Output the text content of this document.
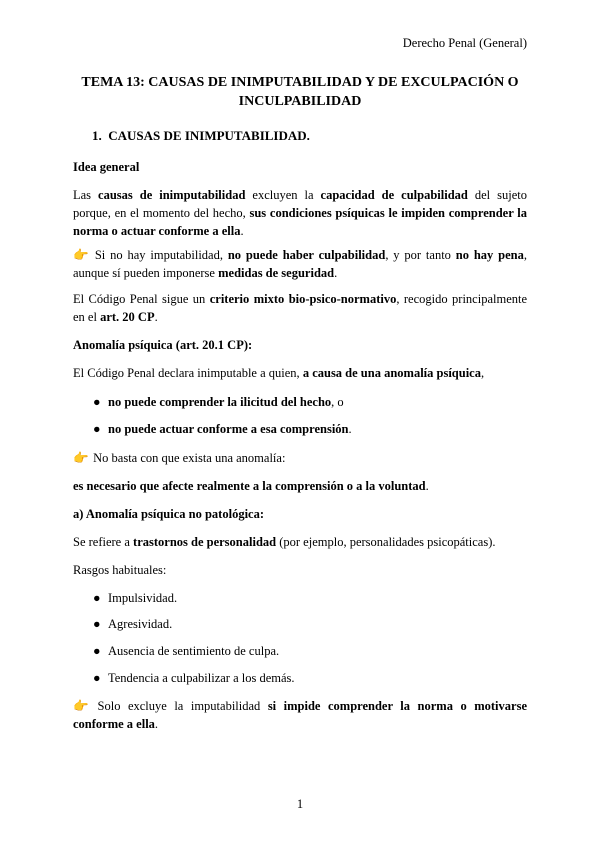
Derecho Penal (General)
TEMA 13: CAUSAS DE INIMPUTABILIDAD Y DE EXCULPACIÓN O
INCULPABILIDAD
1. CAUSAS DE INIMPUTABILIDAD.
Idea general
Las causas de inimputabilidad excluyen la capacidad de culpabilidad del sujeto porque, en el momento del hecho, sus condiciones psíquicas le impiden comprender la norma o actuar conforme a ella.
👉 Si no hay imputabilidad, no puede haber culpabilidad, y por tanto no hay pena, aunque sí pueden imponerse medidas de seguridad.
El Código Penal sigue un criterio mixto bio-psico-normativo, recogido principalmente en el art. 20 CP.
Anomalía psíquica (art. 20.1 CP):
El Código Penal declara inimputable a quien, a causa de una anomalía psíquica,
● no puede comprender la ilicitud del hecho, o
● no puede actuar conforme a esa comprensión.
👉 No basta con que exista una anomalía:
es necesario que afecte realmente a la comprensión o a la voluntad.
a) Anomalía psíquica no patológica:
Se refiere a trastornos de personalidad (por ejemplo, personalidades psicopáticas).
Rasgos habituales:
● Impulsividad.
● Agresividad.
● Ausencia de sentimiento de culpa.
● Tendencia a culpabilizar a los demás.
👉 Solo excluye la imputabilidad si impide comprender la norma o motivarse conforme a ella.
1
